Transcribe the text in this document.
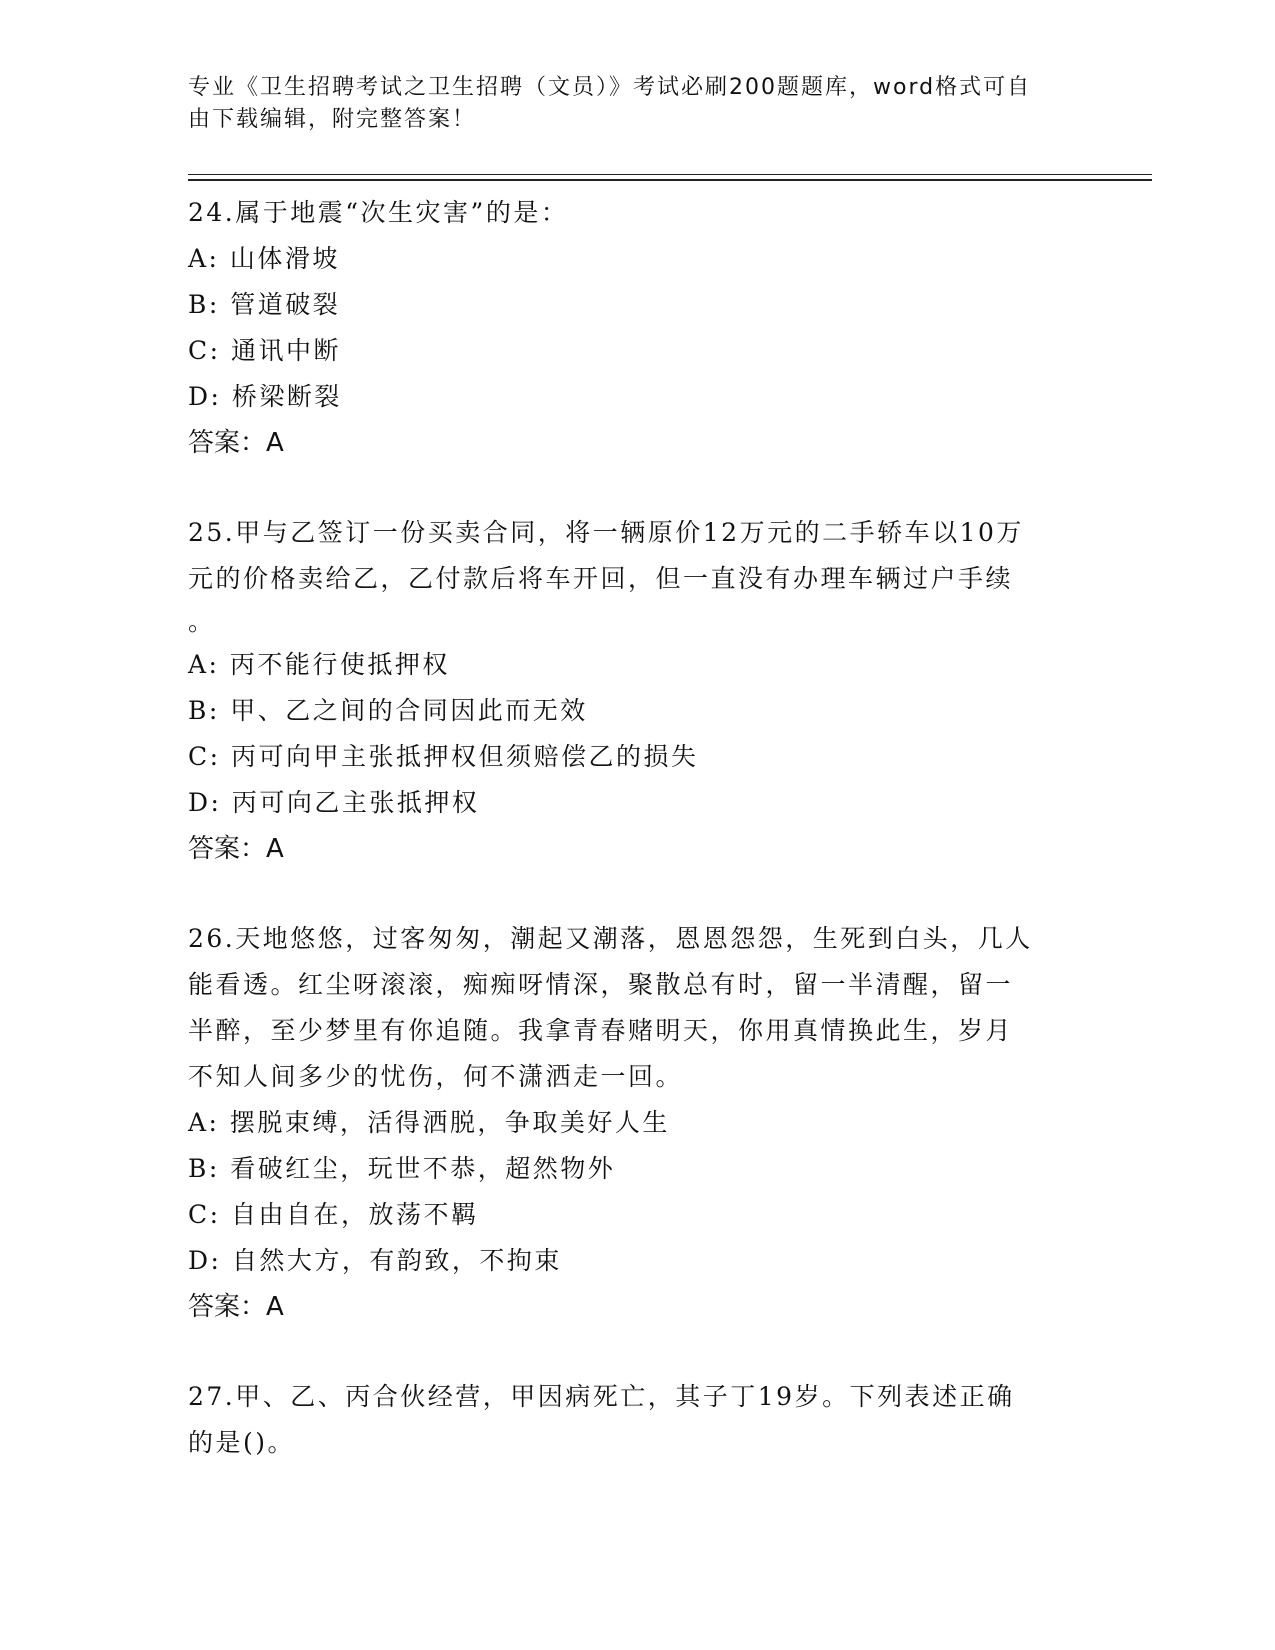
专业《卫生招聘考试之卫生招聘（文员）》考试必刷200题题库，word格式可自
由下载编辑，附完整答案！

24.属于地震“次生灾害”的是：

A: 山体滑坡

B: 管道破裂

C: 通讯中断

D: 桥梁断裂

答案：A

25.甲与乙签订一份买卖合同，将一辆原价12万元的二手轿车以10万

元的价格卖给乙，乙付款后将车开回，但一直没有办理车辆过户手续

。

A: 丙不能行使抵押权

B: 甲、乙之间的合同因此而无效

C: 丙可向甲主张抵押权但须赔偿乙的损失

D: 丙可向乙主张抵押权

答案：A

26.天地悠悠，过客匆匆，潮起又潮落，恩恩怨怨，生死到白头，几人

能看透。红尘呀滚滚，痴痴呀情深，聚散总有时，留一半清醒，留一

半醉，至少梦里有你追随。我拿青春赌明天，你用真情换此生，岁月

不知人间多少的忧伤，何不潇洒走一回。

A: 摆脱束缚，活得洒脱，争取美好人生

B: 看破红尘，玩世不恭，超然物外

C: 自由自在，放荡不羁

D: 自然大方，有韵致，不拘束

答案：A

27.甲、乙、丙合伙经营，甲因病死亡，其子丁19岁。下列表述正确

的是()。
